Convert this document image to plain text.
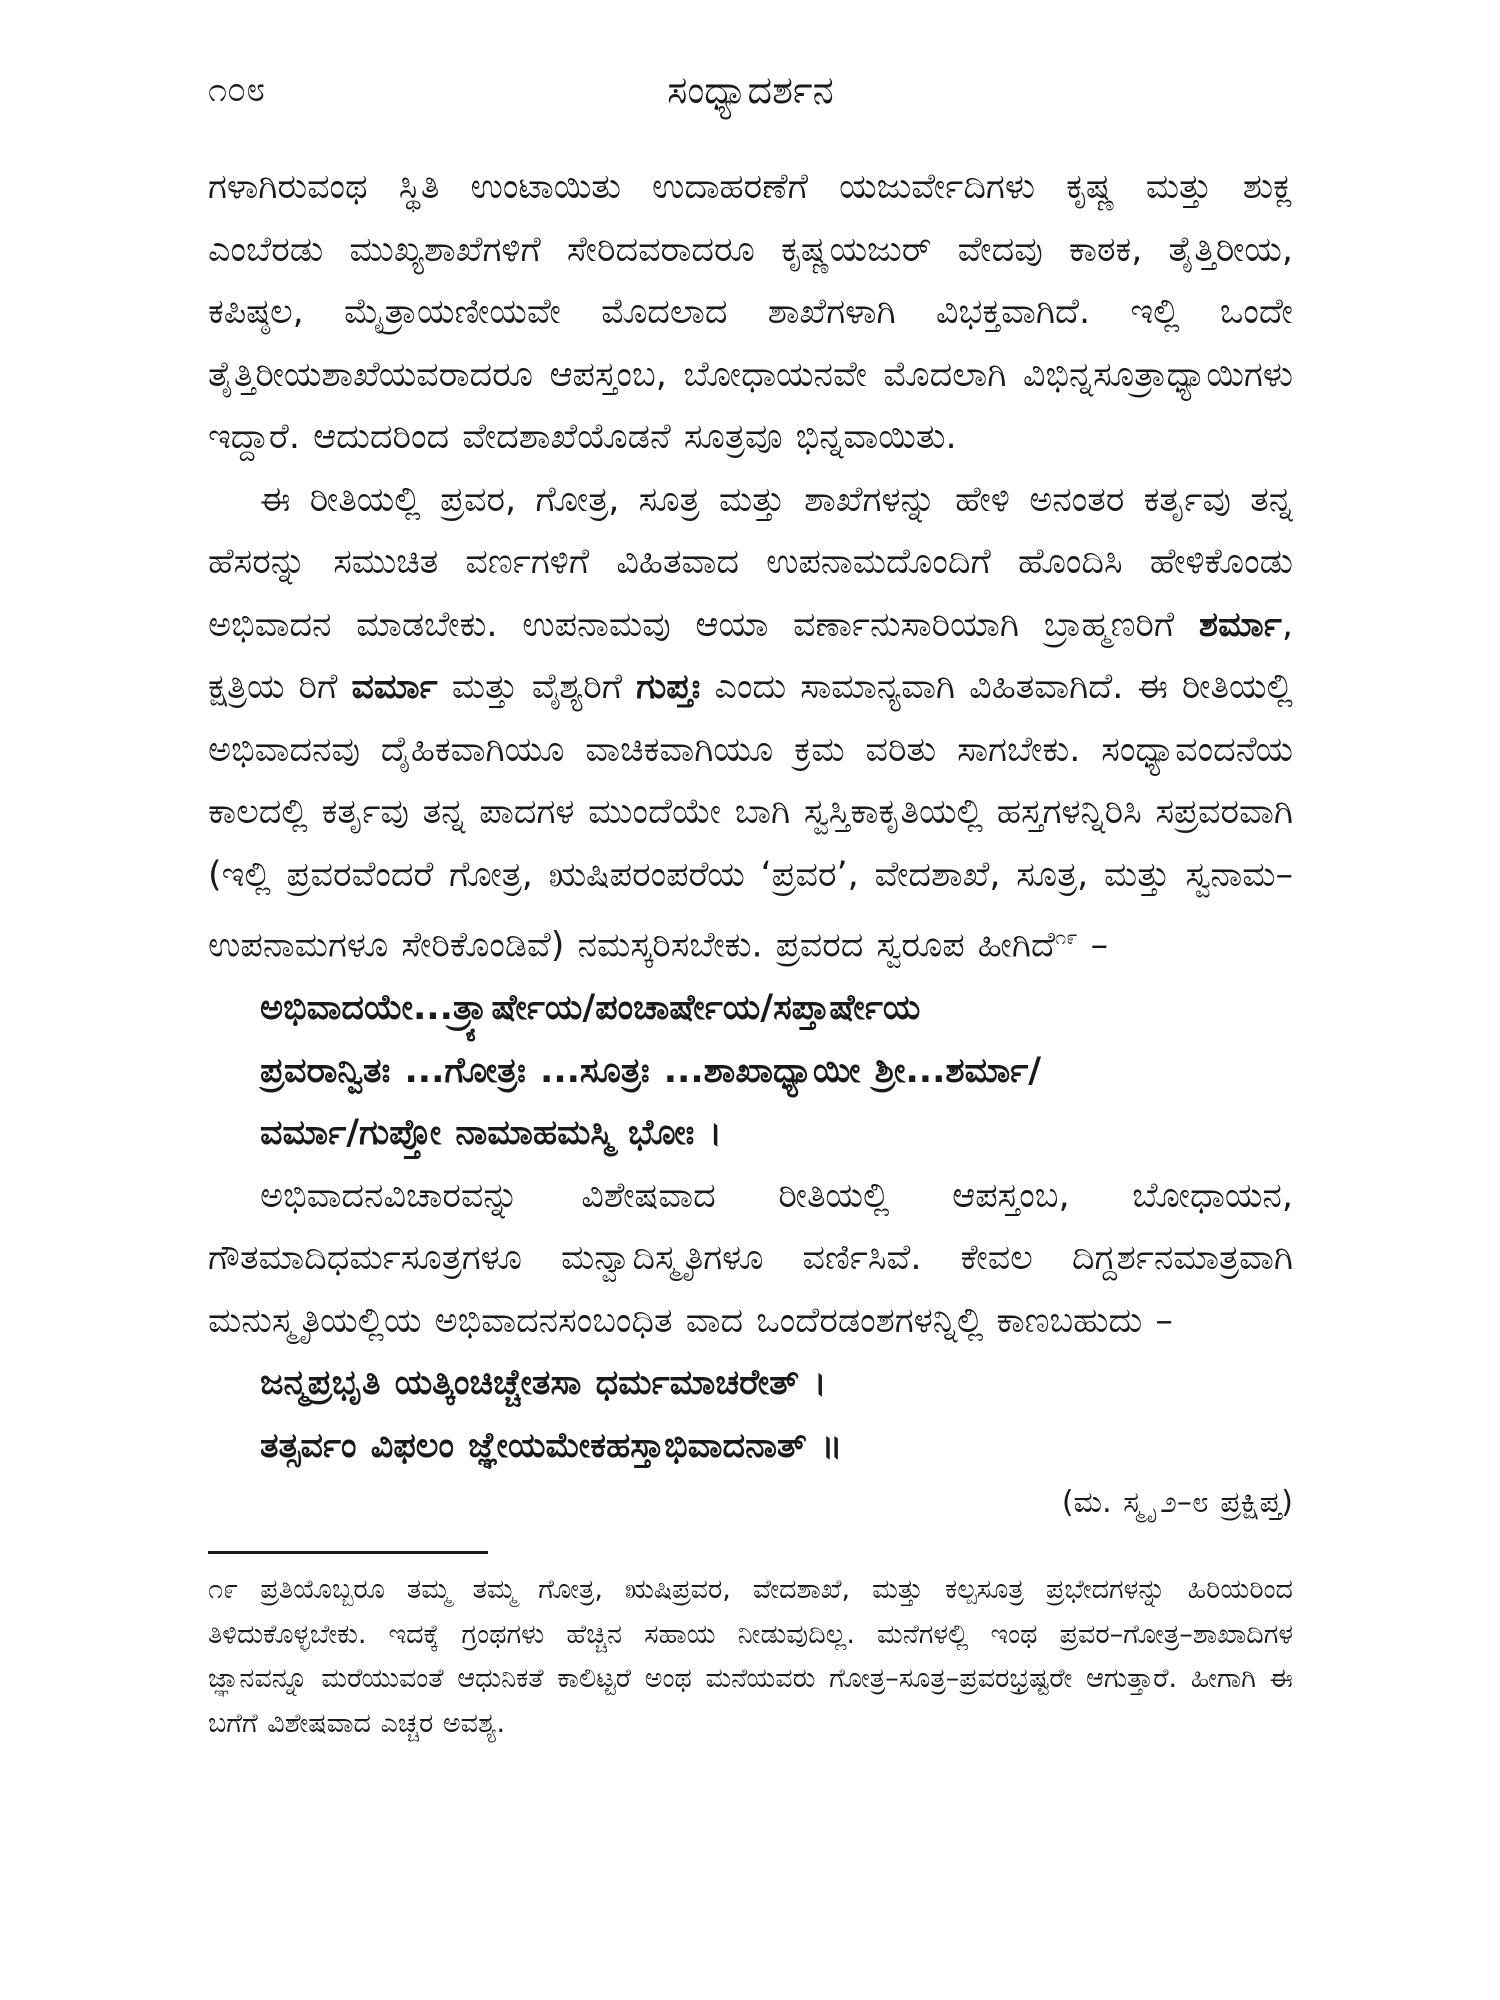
೧೦೮	ಸಂಧ್ಯಾದರ್ಶನ

ಗಳಾಗಿರುವಂಥ ಸ್ಥಿತಿ ಉಂಟಾಯಿತು ಉದಾಹರಣೆಗೆ ಯಜುರ್ವೇದಿಗಳು ಕೃಷ್ಣ ಮತ್ತು ಶುಕ್ಲ ಎಂಬೆರಡು ಮುಖ್ಯಶಾಖೆಗಳಿಗೆ ಸೇರಿದವರಾದರೂ ಕೃಷ್ಣಯಜುರ್ ವೇದವು ಕಾಠಕ, ತೈತ್ತಿರೀಯ, ಕಪಿಷ್ಠಲ, ಮೈತ್ರಾಯಣೀಯವೇ ಮೊದಲಾದ ಶಾಖೆಗಳಾಗಿ ವಿಭಕ್ತವಾಗಿದೆ. ಇಲ್ಲಿ ಒಂದೇ ತೈತ್ತಿರೀಯಶಾಖೆಯವರಾದರೂ ಆಪಸ್ತಂಬ, ಬೋಧಾಯನವೇ ಮೊದಲಾಗಿ ವಿಭಿನ್ನಸೂತ್ರಾಧ್ಯಾಯಿಗಳು ಇದ್ದಾರೆ. ಆದುದರಿಂದ ವೇದಶಾಖೆಯೊಡನೆ ಸೂತ್ರವೂ ಭಿನ್ನವಾಯಿತು.

ಈ ರೀತಿಯಲ್ಲಿ ಪ್ರವರ, ಗೋತ್ರ, ಸೂತ್ರ ಮತ್ತು ಶಾಖೆಗಳನ್ನು ಹೇಳಿ ಅನಂತರ ಕರ್ತೃವು ತನ್ನ ಹೆಸರನ್ನು ಸಮುಚಿತ ವರ್ಣಗಳಿಗೆ ವಿಹಿತವಾದ ಉಪನಾಮದೊಂದಿಗೆ ಹೊಂದಿಸಿ ಹೇಳಿಕೊಂಡು ಅಭಿವಾದನ ಮಾಡಬೇಕು. ಉಪನಾಮವು ಆಯಾ ವರ್ಣಾನುಸಾರಿಯಾಗಿ ಬ್ರಾಹ್ಮಣರಿಗೆ ಶರ್ಮಾ, ಕ್ಷತ್ರಿಯ ರಿಗೆ ವರ್ಮಾ ಮತ್ತು ವೈಶ್ಯರಿಗೆ ಗುಪ್ತಃ ಎಂದು ಸಾಮಾನ್ಯವಾಗಿ ವಿಹಿತವಾಗಿದೆ. ಈ ರೀತಿಯಲ್ಲಿ ಅಭಿವಾದನವು ದೈಹಿಕವಾಗಿಯೂ ವಾಚಿಕವಾಗಿಯೂ ಕ್ರಮ ವರಿತು ಸಾಗಬೇಕು. ಸಂಧ್ಯಾವಂದನೆಯ ಕಾಲದಲ್ಲಿ ಕರ್ತೃವು ತನ್ನ ಪಾದಗಳ ಮುಂದೆಯೇ ಬಾಗಿ ಸ್ವಸ್ತಿಕಾಕೃತಿಯಲ್ಲಿ ಹಸ್ತಗಳನ್ನಿರಿಸಿ ಸಪ್ರವರವಾಗಿ (ಇಲ್ಲಿ ಪ್ರವರವೆಂದರೆ ಗೋತ್ರ, ಋಷಿಪರಂಪರೆಯ ‘ಪ್ರವರ’, ವೇದಶಾಖೆ, ಸೂತ್ರ, ಮತ್ತು ಸ್ವನಾಮ–ಉಪನಾಮಗಳೂ ಸೇರಿಕೊಂಡಿವೆ) ನಮಸ್ಕರಿಸಬೇಕು. ಪ್ರವರದ ಸ್ವರೂಪ ಹೀಗಿದೆ$^{೧೯}$ –

ಅಭಿವಾದಯೇ...ತ್ರ್ಯಾರ್ಷೇಯ/ಪಂಚಾರ್ಷೇಯ/ಸಪ್ತಾರ್ಷೇಯ
ಪ್ರವರಾನ್ವಿತಃ ...ಗೋತ್ರಃ ...ಸೂತ್ರಃ ...ಶಾಖಾಧ್ಯಾಯೀ ಶ್ರೀ...ಶರ್ಮಾ/
ವರ್ಮಾ/ಗುಪ್ತೋ ನಾಮಾಹಮಸ್ಮಿ ಭೋಃ ।

ಅಭಿವಾದನವಿಚಾರವನ್ನು ವಿಶೇಷವಾದ ರೀತಿಯಲ್ಲಿ ಆಪಸ್ತಂಬ, ಬೋಧಾಯನ, ಗೌತಮಾದಿಧರ್ಮಸೂತ್ರಗಳೂ ಮನ್ವಾದಿಸ್ಮೃತಿಗಳೂ ವರ್ಣಿಸಿವೆ. ಕೇವಲ ದಿಗ್ದರ್ಶನಮಾತ್ರವಾಗಿ ಮನುಸ್ಮೃತಿಯಲ್ಲಿಯ ಅಭಿವಾದನಸಂಬಂಧಿತ ವಾದ ಒಂದೆರಡಂಶಗಳನ್ನಿಲ್ಲಿ ಕಾಣಬಹುದು –

ಜನ್ಮಪ್ರಭೃತಿ ಯತ್ಕಿಂಚಿಚ್ಚೇತಸಾ ಧರ್ಮಮಾಚರೇತ್ ।
ತತ್ಸರ್ವಂ ವಿಫಲಂ ಜ್ಞೇಯಮೇಕಹಸ್ತಾಭಿವಾದನಾತ್ ॥
(ಮ. ಸ್ಮೃ ೨–೮ ಪ್ರಕ್ಷಿಪ್ತ)
೧೯ ಪ್ರತಿಯೊಬ್ಬರೂ ತಮ್ಮ ತಮ್ಮ ಗೋತ್ರ, ಋಷಿಪ್ರವರ, ವೇದಶಾಖೆ, ಮತ್ತು ಕಲ್ಪಸೂತ್ರ ಪ್ರಭೇದಗಳನ್ನು ಹಿರಿಯರಿಂದ ತಿಳಿದುಕೊಳ್ಳಬೇಕು. ಇದಕ್ಕೆ ಗ್ರಂಥಗಳು ಹೆಚ್ಚಿನ ಸಹಾಯ ನೀಡುವುದಿಲ್ಲ. ಮನೆಗಳಲ್ಲಿ ಇಂಥ ಪ್ರವರ–ಗೋತ್ರ–ಶಾಖಾದಿಗಳ ಜ್ಞಾನವನ್ನೂ ಮರೆಯುವಂತೆ ಆಧುನಿಕತೆ ಕಾಲಿಟ್ಟರೆ ಅಂಥ ಮನೆಯವರು ಗೋತ್ರ–ಸೂತ್ರ–ಪ್ರವರಭ್ರಷ್ಟರೇ ಆಗುತ್ತಾರೆ. ಹೀಗಾಗಿ ಈ ಬಗೆಗೆ ವಿಶೇಷವಾದ ಎಚ್ಚರ ಅವಶ್ಯ.
